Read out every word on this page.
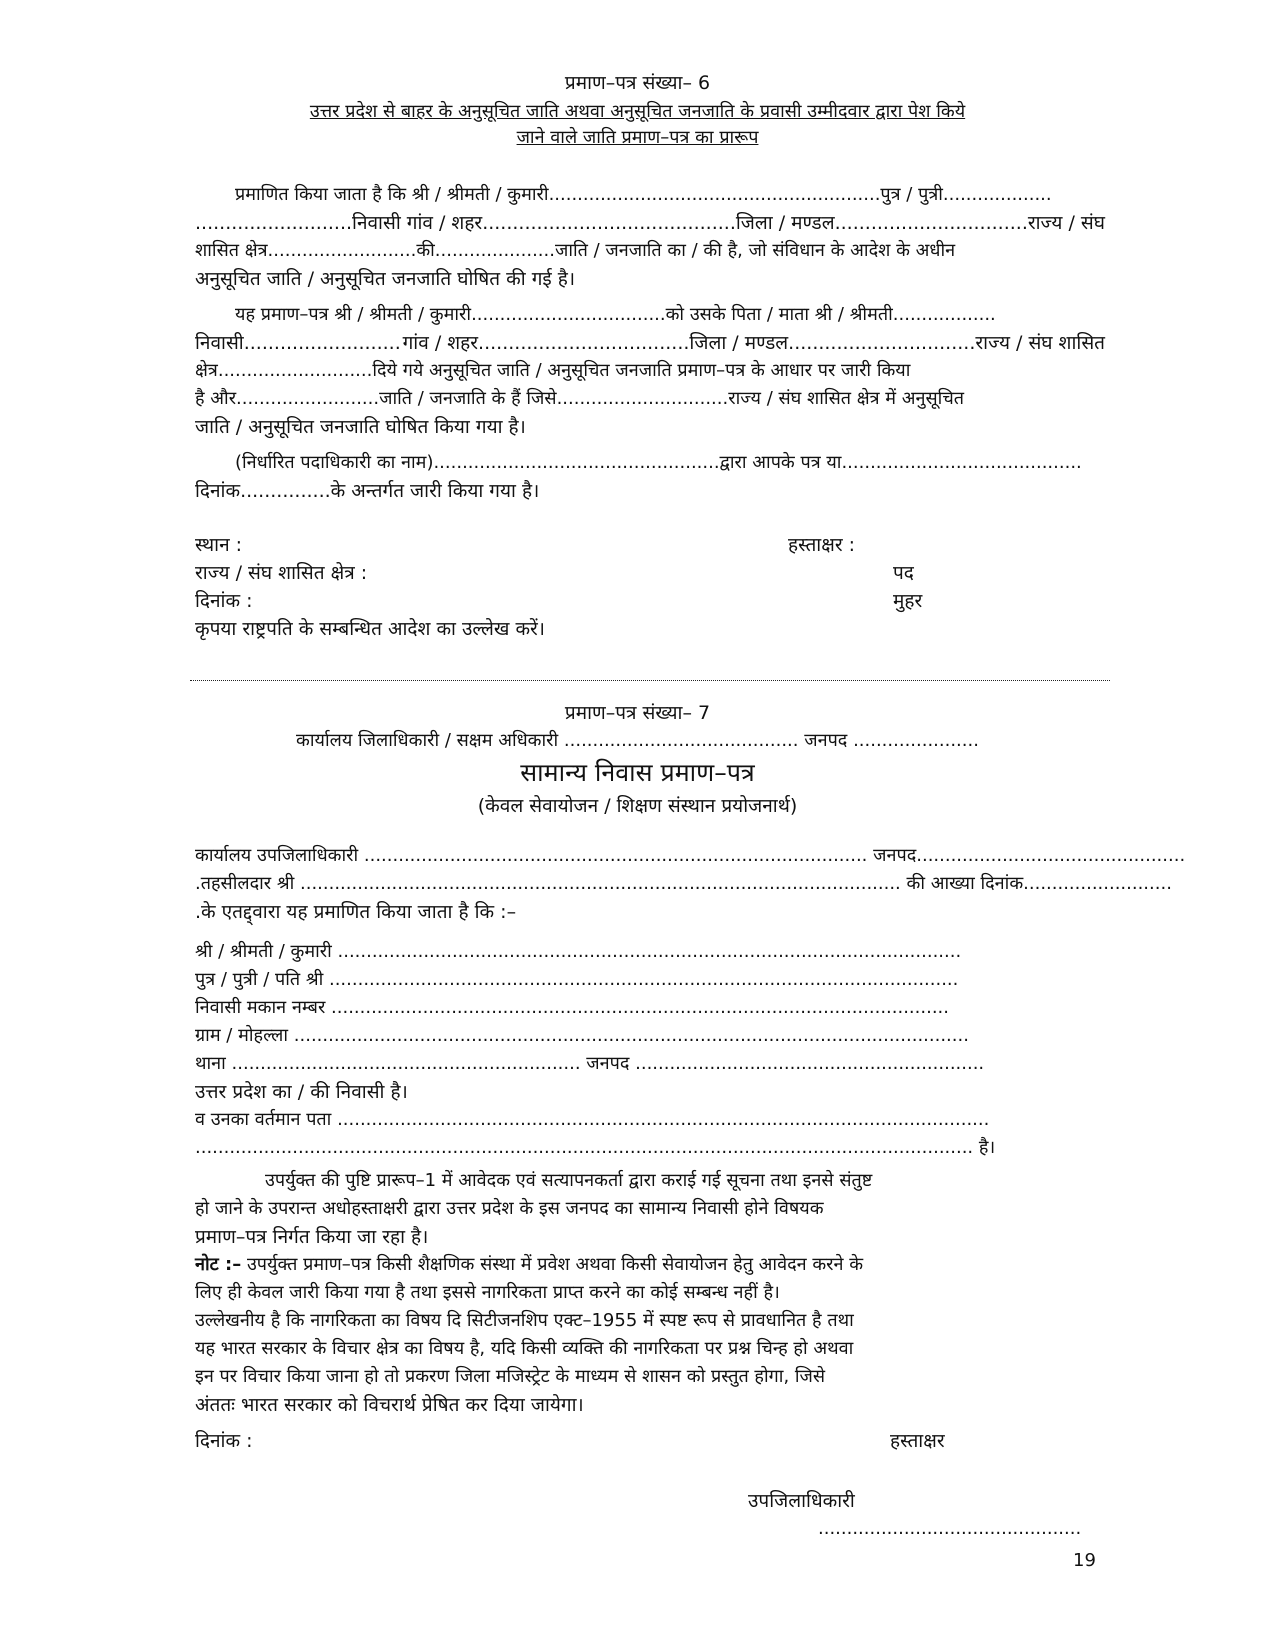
प्रमाण–पत्र संख्या– 6
उत्तर प्रदेश से बाहर के अनुसूचित जाति अथवा अनुसूचित जनजाति के प्रवासी उम्मीदवार द्वारा पेश किये
जाने वाले जाति प्रमाण–पत्र का प्रारूप
प्रमाणित किया जाता है कि श्री / श्रीमती / कुमारी..........................................................पुत्र / पुत्री...................
..........................निवासी गांव / शहर..........................................जिला / मण्डल................................राज्य / संघ
शासित क्षेत्र..........................की.....................जाति / जनजाति का / की है, जो संविधान के आदेश के अधीन
अनुसूचित जाति / अनुसूचित जनजाति घोषित की गई है।
यह प्रमाण–पत्र श्री / श्रीमती / कुमारी..................................को उसके पिता / माता श्री / श्रीमती..................
निवासी.......................... गांव / शहर...................................जिला / मण्डल...............................राज्य / संघ शासित
क्षेत्र...........................दिये गये अनुसूचित जाति / अनुसूचित जनजाति प्रमाण–पत्र के आधार पर जारी किया
है और.........................जाति / जनजाति के हैं जिसे..............................राज्य / संघ शासित क्षेत्र में अनुसूचित
जाति / अनुसूचित जनजाति घोषित किया गया है।
(निर्धारित पदाधिकारी का नाम)..................................................द्वारा आपके पत्र या..........................................
दिनांक...............के अन्तर्गत जारी किया गया है।
स्थान :
राज्य / संघ शासित क्षेत्र :
दिनांक :
कृपया राष्ट्रपति के सम्बन्धित आदेश का उल्लेख करें।
हस्ताक्षर :
पद
मुहर
प्रमाण–पत्र संख्या– 7
कार्यालय जिलाधिकारी / सक्षम अधिकारी ......................................... जनपद ......................
सामान्य निवास प्रमाण–पत्र
(केवल सेवायोजन / शिक्षण संस्थान प्रयोजनार्थ)
कार्यालय उपजिलाधिकारी ........................................................................................ जनपद ...............................................
.तहसीलदार श्री ......................................................................................................... की आख्या दिनांक ..........................
.के एतद्द्वारा यह प्रमाणित किया जाता है कि :–
श्री / श्रीमती / कुमारी .............................................................................................................
पुत्र / पुत्री / पति श्री ..............................................................................................................
निवासी मकान नम्बर ............................................................................................................
ग्राम / मोहल्ला ......................................................................................................................
थाना ............................................................. जनपद .............................................................
उत्तर प्रदेश का / की निवासी है।
व उनका वर्तमान पता ..................................................................................................................
........................................................................................................................................ है।
उपर्युक्त की पुष्टि प्रारूप–1 में आवेदक एवं सत्यापनकर्ता द्वारा कराई गई सूचना तथा इनसे संतुष्ट
हो जाने के उपरान्त अधोहस्ताक्षरी द्वारा उत्तर प्रदेश के इस जनपद का सामान्य निवासी होने विषयक
प्रमाण–पत्र निर्गत किया जा रहा है।
नोट :– उपर्युक्त प्रमाण–पत्र किसी शैक्षणिक संस्था में प्रवेश अथवा किसी सेवायोजन हेतु आवेदन करने के
लिए ही केवल जारी किया गया है तथा इससे नागरिकता प्राप्त करने का कोई सम्बन्ध नहीं है।
उल्लेखनीय है कि नागरिकता का विषय दि सिटीजनशिप एक्ट–1955 में स्पष्ट रूप से प्रावधानित है तथा
यह भारत सरकार के विचार क्षेत्र का विषय है, यदि किसी व्यक्ति की नागरिकता पर प्रश्न चिन्ह हो अथवा
इन पर विचार किया जाना हो तो प्रकरण जिला मजिस्ट्रेट के माध्यम से शासन को प्रस्तुत होगा, जिसे
अंततः भारत सरकार को विचरार्थ प्रेषित कर दिया जायेगा।
दिनांक :	हस्ताक्षर
उपजिलाधिकारी
..............................................
19
